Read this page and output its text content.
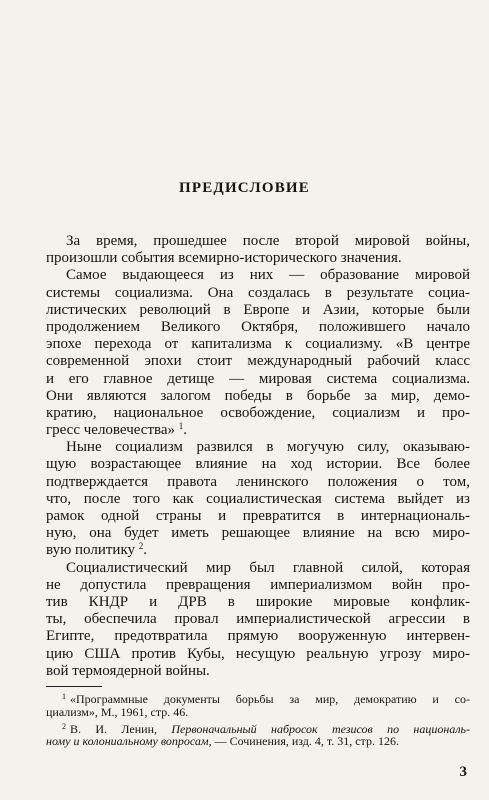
ПРЕДИСЛОВИЕ
За время, прошедшее после второй мировой войны,
произошли события всемирно-исторического значения.
Самое выдающееся из них — образование мировой
системы социализма. Она создалась в результате социа-
листических революций в Европе и Азии, которые были
продолжением Великого Октября, положившего начало
эпохе перехода от капитализма к социализму. «В центре
современной эпохи стоит международный рабочий класс
и его главное детище — мировая система социализма.
Они являются залогом победы в борьбе за мир, демо-
кратию, национальное освобождение, социализм и про-
гресс человечества» $^1$.
Ныне социализм развился в могучую силу, оказываю-
щую возрастающее влияние на ход истории. Все более
подтверждается правота ленинского положения о том,
что, после того как социалистическая система выйдет из
рамок одной страны и превратится в интернациональ-
ную, она будет иметь решающее влияние на всю миро-
вую политику $^2$.
Социалистический мир был главной силой, которая
не допустила превращения империализмом войн про-
тив КНДР и ДРВ в широкие мировые конфлик-
ты, обеспечила провал империалистической агрессии в
Египте, предотвратила прямую вооруженную интервен-
цию США против Кубы, несущую реальную угрозу миро-
вой термоядерной войны.
$^1$ «Программные документы борьбы за мир, демократию и со-
циализм», М., 1961, стр. 46.
$^2$ В. И. Ленин, Первоначальный набросок тезисов по националь-
ному и колониальному вопросам, — Сочинения, изд. 4, т. 31, стр. 126.
3
